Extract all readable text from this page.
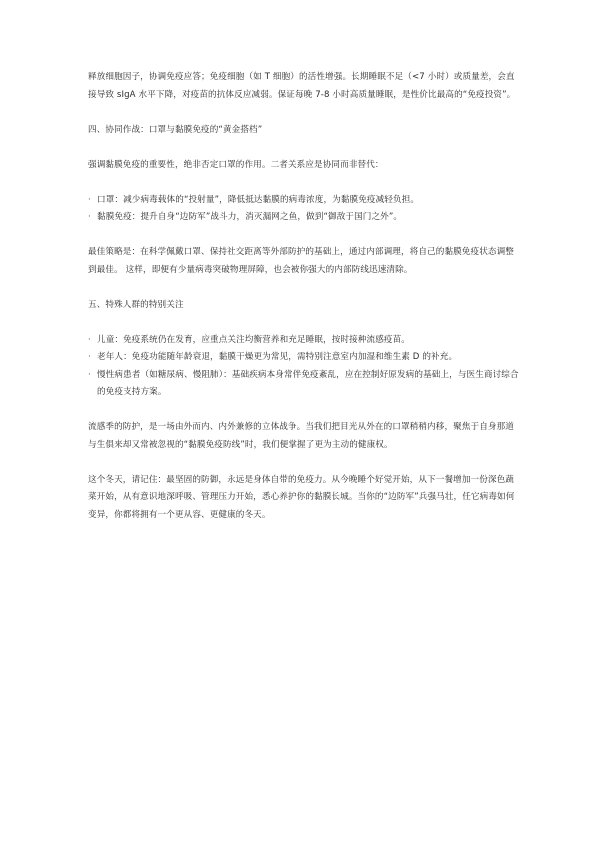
释放细胞因子，协调免疫应答；免疫细胞（如 T 细胞）的活性增强。长期睡眠不足（<7 小时）或质量差，会直接导致 sIgA 水平下降，对疫苗的抗体反应减弱。保证每晚 7-8 小时高质量睡眠，是性价比最高的“免疫投资”。

四、协同作战：口罩与黏膜免疫的“黄金搭档”

强调黏膜免疫的重要性，绝非否定口罩的作用。二者关系应是协同而非替代：

· 口罩：减少病毒载体的“投射量”，降低抵达黏膜的病毒浓度，为黏膜免疫减轻负担。
· 黏膜免疫：提升自身“边防军”战斗力，消灭漏网之鱼，做到“御敌于国门之外”。

最佳策略是：在科学佩戴口罩、保持社交距离等外部防护的基础上，通过内部调理，将自己的黏膜免疫状态调整到最佳。 这样，即便有少量病毒突破物理屏障，也会被你强大的内部防线迅速清除。

五、特殊人群的特别关注

· 儿童：免疫系统仍在发育，应重点关注均衡营养和充足睡眠，按时接种流感疫苗。
· 老年人：免疫功能随年龄衰退，黏膜干燥更为常见，需特别注意室内加湿和维生素 D 的补充。
· 慢性病患者（如糖尿病、慢阻肺）：基础疾病本身常伴免疫紊乱，应在控制好原发病的基础上，与医生商讨综合的免疫支持方案。

流感季的防护，是一场由外而内、内外兼修的立体战争。当我们把目光从外在的口罩稍稍内移，聚焦于自身那道与生俱来却又常被忽视的“黏膜免疫防线”时，我们便掌握了更为主动的健康权。

这个冬天，请记住：最坚固的防御，永远是身体自带的免疫力。从今晚睡个好觉开始，从下一餐增加一份深色蔬菜开始，从有意识地深呼吸、管理压力开始，悉心养护你的黏膜长城。当你的“边防军”兵强马壮，任它病毒如何变异，你都将拥有一个更从容、更健康的冬天。
